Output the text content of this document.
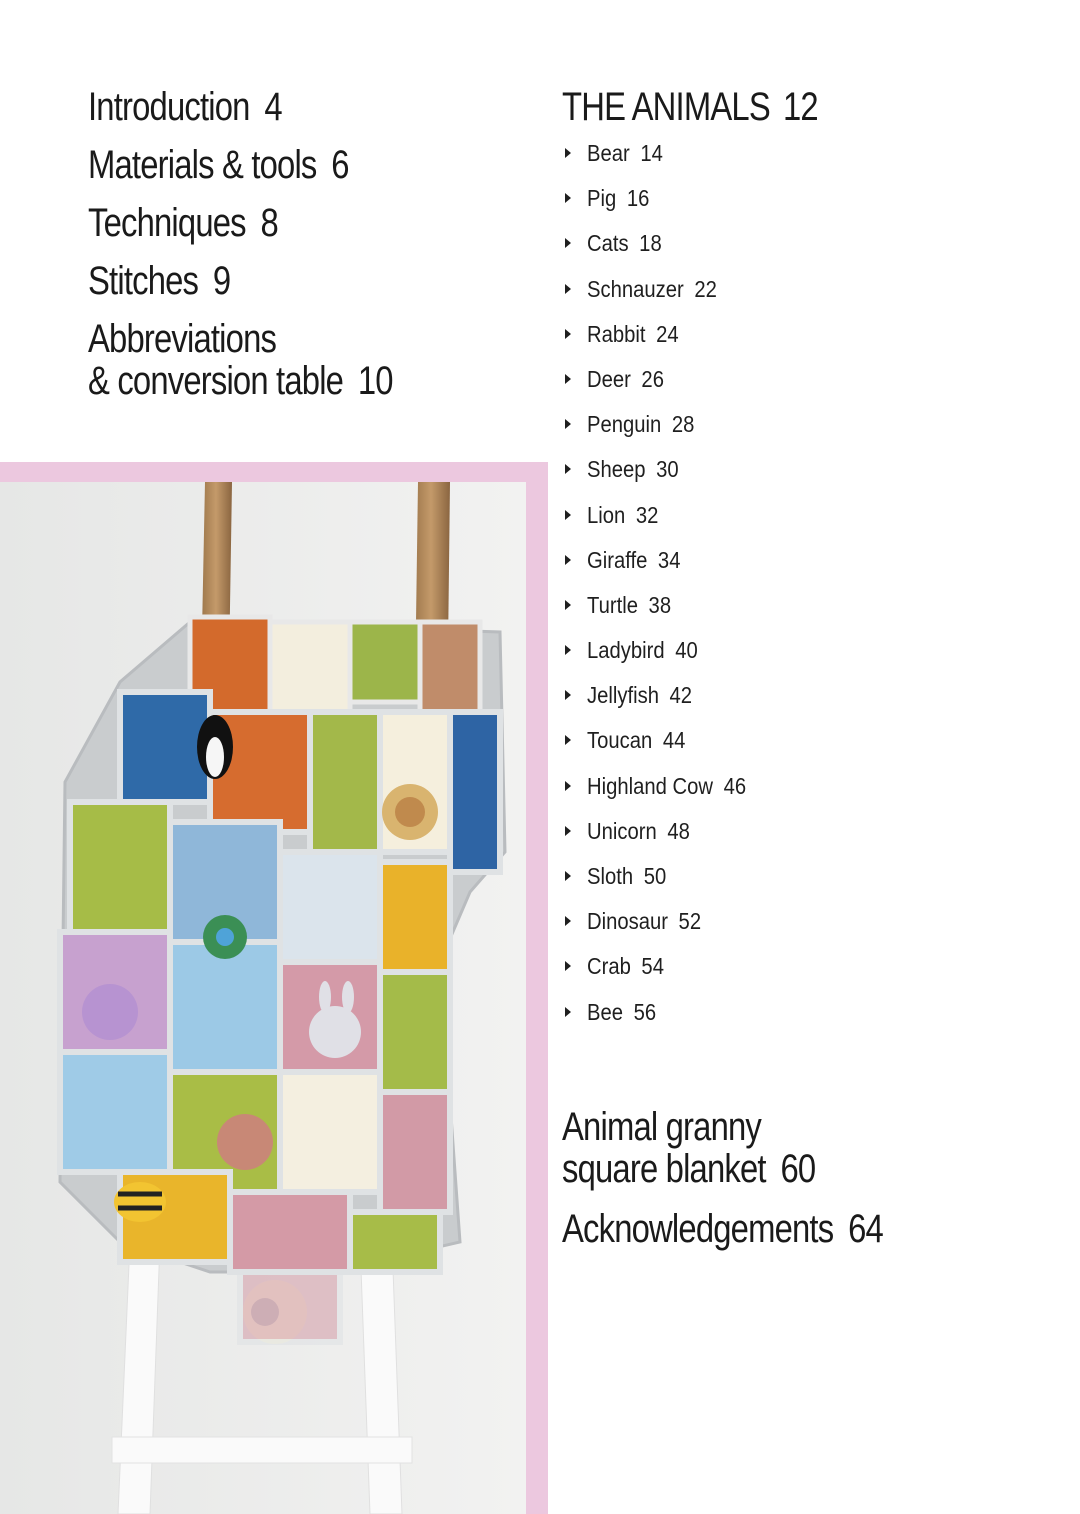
Introduction 4
Materials & tools 6
Techniques 8
Stitches 9
Abbreviations
& conversion table 10
THE ANIMALS 12
Bear 14
Pig 16
Cats 18
Schnauzer 22
Rabbit 24
Deer 26
Penguin 28
Sheep 30
Lion 32
Giraffe 34
Turtle 38
Ladybird 40
Jellyfish 42
Toucan 44
Highland Cow 46
Unicorn 48
Sloth 50
Dinosaur 52
Crab 54
Bee 56
Animal granny
square blanket 60
Acknowledgements 64
